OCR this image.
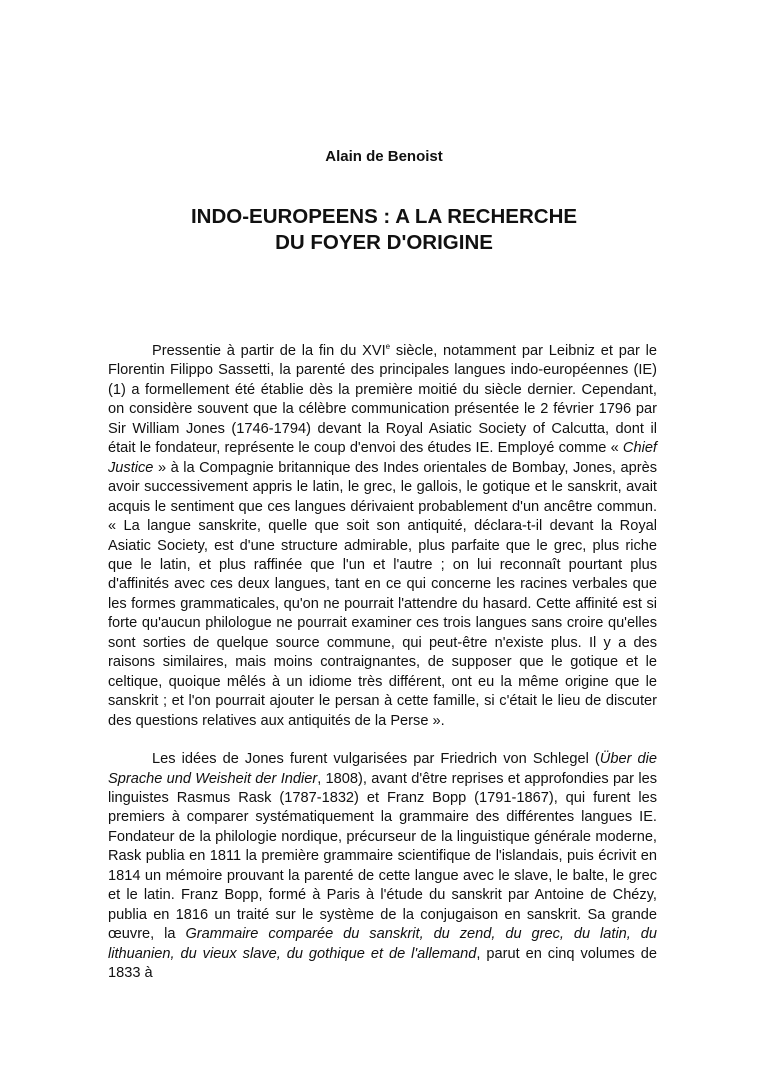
Alain de Benoist
INDO-EUROPEENS : A LA RECHERCHE
DU FOYER D'ORIGINE

Pressentie à partir de la fin du XVIe siècle, notamment par Leibniz et par le Florentin Filippo Sassetti, la parenté des principales langues indo-européennes (IE) (1) a formellement été établie dès la première moitié du siècle dernier. Cependant, on considère souvent que la célèbre communication présentée le 2 février 1796 par Sir William Jones (1746-1794) devant la Royal Asiatic Society of Calcutta, dont il était le fondateur, représente le coup d'envoi des études IE. Employé comme « Chief Justice » à la Compagnie britannique des Indes orientales de Bombay, Jones, après avoir successivement appris le latin, le grec, le gallois, le gotique et le sanskrit, avait acquis le sentiment que ces langues dérivaient probablement d'un ancêtre commun. « La langue sanskrite, quelle que soit son antiquité, déclara-t-il devant la Royal Asiatic Society, est d'une structure admirable, plus parfaite que le grec, plus riche que le latin, et plus raffinée que l'un et l'autre ; on lui reconnaît pourtant plus d'affinités avec ces deux langues, tant en ce qui concerne les racines verbales que les formes grammaticales, qu'on ne pourrait l'attendre du hasard. Cette affinité est si forte qu'aucun philologue ne pourrait examiner ces trois langues sans croire qu'elles sont sorties de quelque source commune, qui peut-être n'existe plus. Il y a des raisons similaires, mais moins contraignantes, de supposer que le gotique et le celtique, quoique mêlés à un idiome très différent, ont eu la même origine que le sanskrit ; et l'on pourrait ajouter le persan à cette famille, si c'était le lieu de discuter des questions relatives aux antiquités de la Perse ».

Les idées de Jones furent vulgarisées par Friedrich von Schlegel (Über die Sprache und Weisheit der Indier, 1808), avant d'être reprises et approfondies par les linguistes Rasmus Rask (1787-1832) et Franz Bopp (1791-1867), qui furent les premiers à comparer systématiquement la grammaire des différentes langues IE. Fondateur de la philologie nordique, précurseur de la linguistique générale moderne, Rask publia en 1811 la première grammaire scientifique de l'islandais, puis écrivit en 1814 un mémoire prouvant la parenté de cette langue avec le slave, le balte, le grec et le latin. Franz Bopp, formé à Paris à l'étude du sanskrit par Antoine de Chézy, publia en 1816 un traité sur le système de la conjugaison en sanskrit. Sa grande œuvre, la Grammaire comparée du sanskrit, du zend, du grec, du latin, du lithuanien, du vieux slave, du gothique et de l'allemand, parut en cinq volumes de 1833 à
